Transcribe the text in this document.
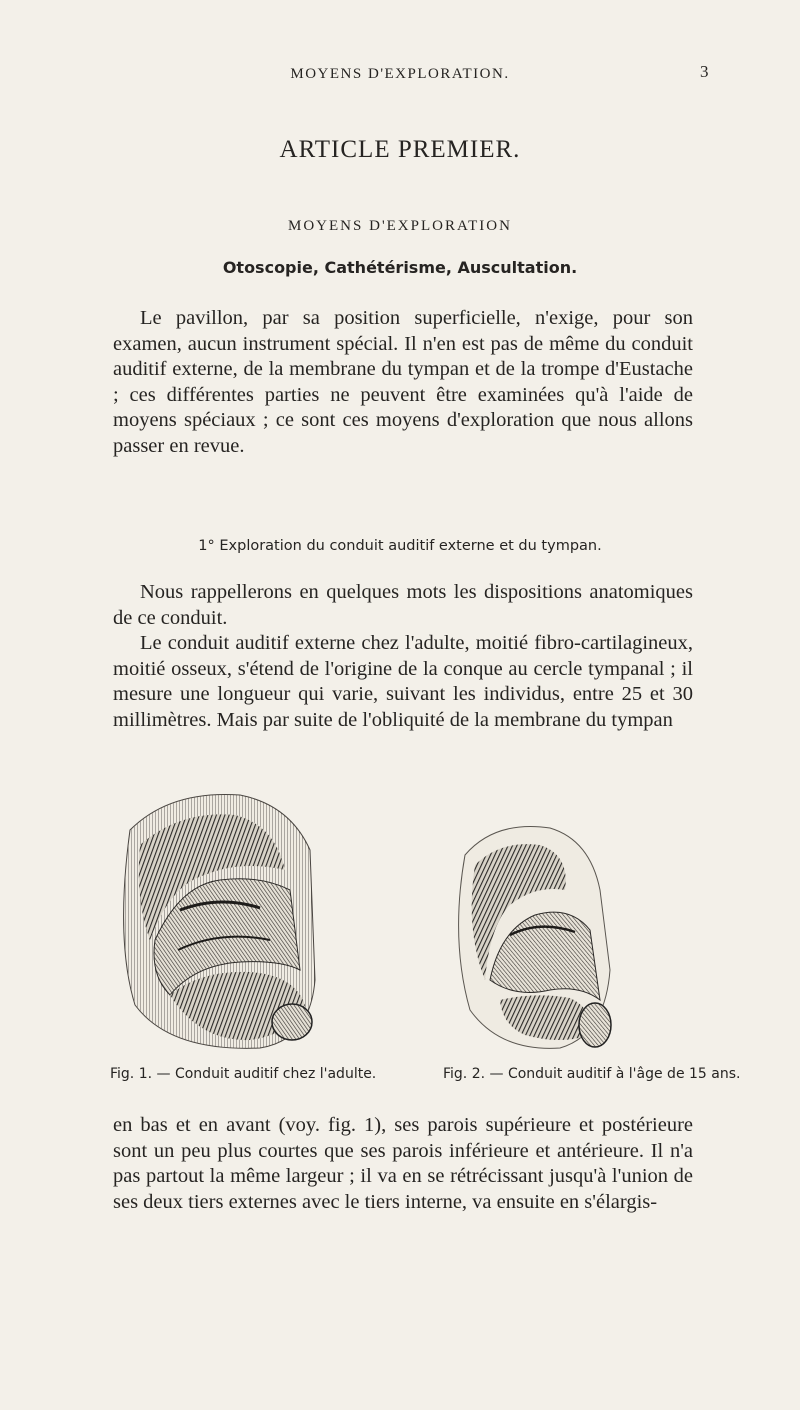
MOYENS D'EXPLORATION.	3
ARTICLE PREMIER.
MOYENS D'EXPLORATION
Otoscopie, Cathétérisme, Auscultation.

Le pavillon, par sa position superficielle, n'exige, pour son examen, aucun instrument spécial. Il n'en est pas de même du conduit auditif externe, de la membrane du tympan et de la trompe d'Eustache ; ces différentes parties ne peuvent être examinées qu'à l'aide de moyens spéciaux ; ce sont ces moyens d'exploration que nous allons passer en revue.

1° Exploration du conduit auditif externe et du tympan.

Nous rappellerons en quelques mots les dispositions anatomiques de ce conduit.

Le conduit auditif externe chez l'adulte, moitié fibro-cartilagineux, moitié osseux, s'étend de l'origine de la conque au cercle tympanal ; il mesure une longueur qui varie, suivant les individus, entre 25 et 30 millimètres. Mais par suite de l'obliquité de la membrane du tympan

Fig. 1. — Conduit auditif chez l'adulte.	Fig. 2. — Conduit auditif à l'âge de 15 ans.

en bas et en avant (voy. fig. 1), ses parois supérieure et postérieure sont un peu plus courtes que ses parois inférieure et antérieure. Il n'a pas partout la même largeur ; il va en se rétrécissant jusqu'à l'union de ses deux tiers externes avec le tiers interne, va ensuite en s'élargis-
